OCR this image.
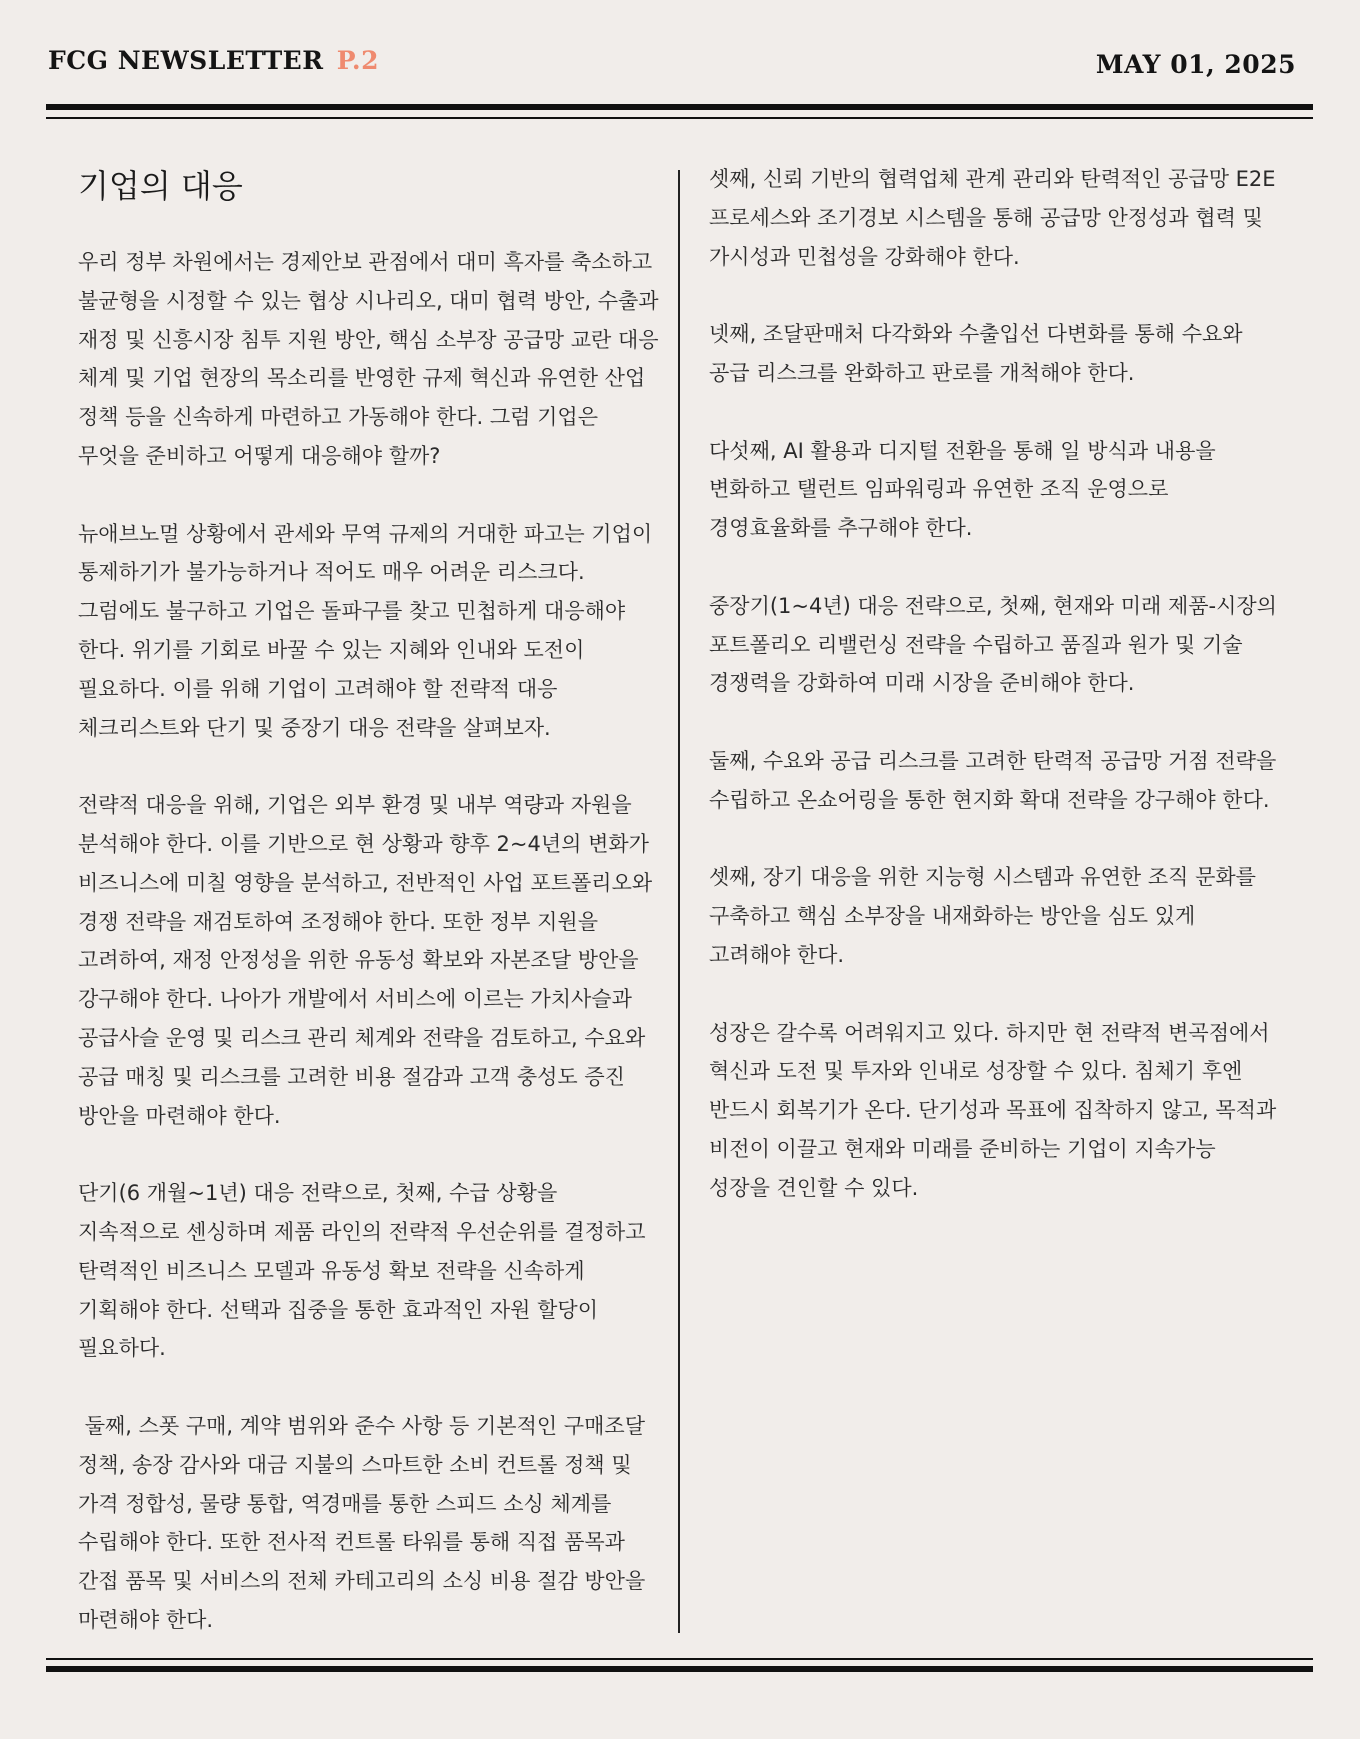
FCG NEWSLETTER P.2	MAY 01, 2025
기업의 대응

우리 정부 차원에서는 경제안보 관점에서 대미 흑자를 축소하고 불균형을 시정할 수 있는 협상 시나리오, 대미 협력 방안, 수출과 재정 및 신흥시장 침투 지원 방안, 핵심 소부장 공급망 교란 대응 체계 및 기업 현장의 목소리를 반영한 규제 혁신과 유연한 산업 정책 등을 신속하게 마련하고 가동해야 한다. 그럼 기업은 무엇을 준비하고 어떻게 대응해야 할까?

뉴애브노멀 상황에서 관세와 무역 규제의 거대한 파고는 기업이 통제하기가 불가능하거나 적어도 매우 어려운 리스크다. 그럼에도 불구하고 기업은 돌파구를 찾고 민첩하게 대응해야 한다. 위기를 기회로 바꿀 수 있는 지혜와 인내와 도전이 필요하다. 이를 위해 기업이 고려해야 할 전략적 대응 체크리스트와 단기 및 중장기 대응 전략을 살펴보자.

전략적 대응을 위해, 기업은 외부 환경 및 내부 역량과 자원을 분석해야 한다. 이를 기반으로 현 상황과 향후 2~4년의 변화가 비즈니스에 미칠 영향을 분석하고, 전반적인 사업 포트폴리오와 경쟁 전략을 재검토하여 조정해야 한다. 또한 정부 지원을 고려하여, 재정 안정성을 위한 유동성 확보와 자본조달 방안을 강구해야 한다. 나아가 개발에서 서비스에 이르는 가치사슬과 공급사슬 운영 및 리스크 관리 체계와 전략을 검토하고, 수요와 공급 매칭 및 리스크를 고려한 비용 절감과 고객 충성도 증진 방안을 마련해야 한다.

단기(6 개월~1년) 대응 전략으로, 첫째, 수급 상황을 지속적으로 센싱하며 제품 라인의 전략적 우선순위를 결정하고 탄력적인 비즈니스 모델과 유동성 확보 전략을 신속하게 기획해야 한다. 선택과 집중을 통한 효과적인 자원 할당이 필요하다.

둘째, 스폿 구매, 계약 범위와 준수 사항 등 기본적인 구매조달 정책, 송장 감사와 대금 지불의 스마트한 소비 컨트롤 정책 및 가격 정합성, 물량 통합, 역경매를 통한 스피드 소싱 체계를 수립해야 한다. 또한 전사적 컨트롤 타워를 통해 직접 품목과 간접 품목 및 서비스의 전체 카테고리의 소싱 비용 절감 방안을 마련해야 한다.

셋째, 신뢰 기반의 협력업체 관계 관리와 탄력적인 공급망 E2E 프로세스와 조기경보 시스템을 통해 공급망 안정성과 협력 및 가시성과 민첩성을 강화해야 한다.

넷째, 조달판매처 다각화와 수출입선 다변화를 통해 수요와 공급 리스크를 완화하고 판로를 개척해야 한다.

다섯째, AI 활용과 디지털 전환을 통해 일 방식과 내용을 변화하고 탤런트 임파워링과 유연한 조직 운영으로 경영효율화를 추구해야 한다.

중장기(1~4년) 대응 전략으로, 첫째, 현재와 미래 제품-시장의 포트폴리오 리밸런싱 전략을 수립하고 품질과 원가 및 기술 경쟁력을 강화하여 미래 시장을 준비해야 한다.

둘째, 수요와 공급 리스크를 고려한 탄력적 공급망 거점 전략을 수립하고 온쇼어링을 통한 현지화 확대 전략을 강구해야 한다.

셋째, 장기 대응을 위한 지능형 시스템과 유연한 조직 문화를 구축하고 핵심 소부장을 내재화하는 방안을 심도 있게 고려해야 한다.

성장은 갈수록 어려워지고 있다. 하지만 현 전략적 변곡점에서 혁신과 도전 및 투자와 인내로 성장할 수 있다. 침체기 후엔 반드시 회복기가 온다. 단기성과 목표에 집착하지 않고, 목적과 비전이 이끌고 현재와 미래를 준비하는 기업이 지속가능 성장을 견인할 수 있다.
